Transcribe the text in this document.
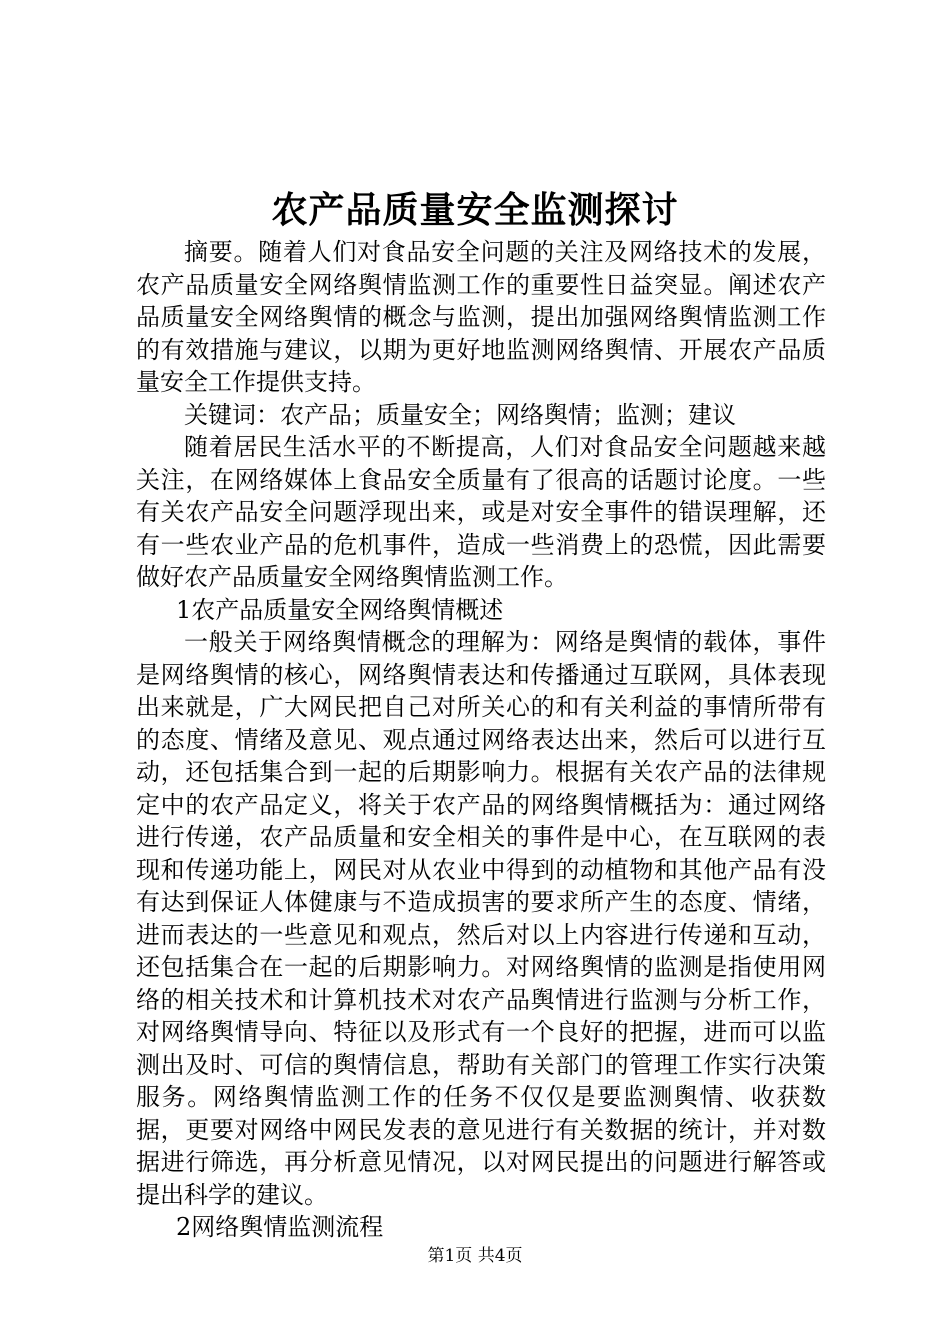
农产品质量安全监测探讨

摘要。随着人们对食品安全问题的关注及网络技术的发展，农产品质量安全网络舆情监测工作的重要性日益突显。阐述农产品质量安全网络舆情的概念与监测，提出加强网络舆情监测工作的有效措施与建议，以期为更好地监测网络舆情、开展农产品质量安全工作提供支持。

关键词：农产品；质量安全；网络舆情；监测；建议

随着居民生活水平的不断提高，人们对食品安全问题越来越关注，在网络媒体上食品安全质量有了很高的话题讨论度。一些有关农产品安全问题浮现出来，或是对安全事件的错误理解，还有一些农业产品的危机事件，造成一些消费上的恐慌，因此需要做好农产品质量安全网络舆情监测工作。

1农产品质量安全网络舆情概述

一般关于网络舆情概念的理解为：网络是舆情的载体，事件是网络舆情的核心，网络舆情表达和传播通过互联网，具体表现出来就是，广大网民把自己对所关心的和有关利益的事情所带有的态度、情绪及意见、观点通过网络表达出来，然后可以进行互动，还包括集合到一起的后期影响力。根据有关农产品的法律规定中的农产品定义，将关于农产品的网络舆情概括为：通过网络进行传递，农产品质量和安全相关的事件是中心，在互联网的表现和传递功能上，网民对从农业中得到的动植物和其他产品有没有达到保证人体健康与不造成损害的要求所产生的态度、情绪，进而表达的一些意见和观点，然后对以上内容进行传递和互动，还包括集合在一起的后期影响力。对网络舆情的监测是指使用网络的相关技术和计算机技术对农产品舆情进行监测与分析工作，对网络舆情导向、特征以及形式有一个良好的把握，进而可以监测出及时、可信的舆情信息，帮助有关部门的管理工作实行决策服务。网络舆情监测工作的任务不仅仅是要监测舆情、收获数据，更要对网络中网民发表的意见进行有关数据的统计，并对数据进行筛选，再分析意见情况，以对网民提出的问题进行解答或提出科学的建议。

2网络舆情监测流程

第1页 共4页
